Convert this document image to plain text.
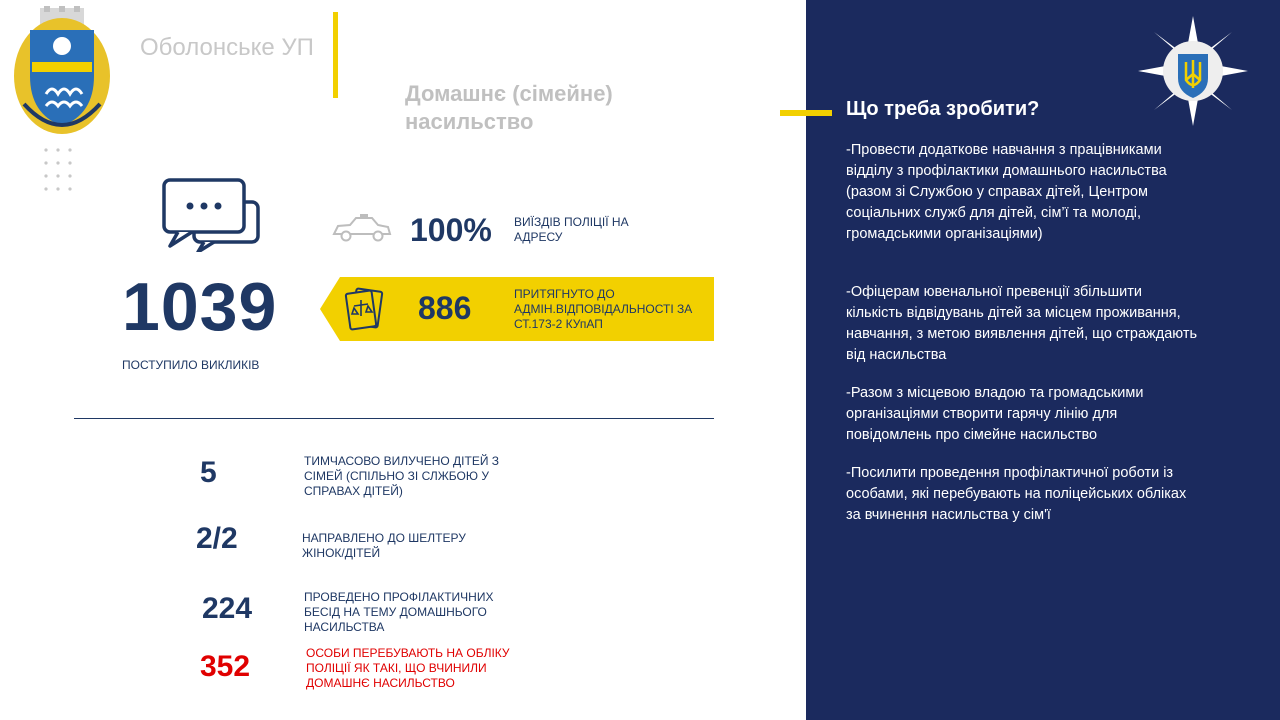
Оболонське УП
Домашнє (сімейне) насильство
1039
ПОСТУПИЛО ВИКЛИКІВ
100% ВИЇЗДІВ ПОЛІЦІЇ НА АДРЕСУ
886	ПРИТЯГНУТО ДО АДМІН.ВІДПОВІДАЛЬНОСТІ ЗА СТ.173-2 КУпАП
5	ТИМЧАСОВО ВИЛУЧЕНО ДІТЕЙ З СІМЕЙ (СПІЛЬНО ЗІ СЛЖБОЮ У СПРАВАХ ДІТЕЙ)
2/2	НАПРАВЛЕНО ДО ШЕЛТЕРУ ЖІНОК/ДІТЕЙ
224	ПРОВЕДЕНО ПРОФІЛАКТИЧНИХ БЕСІД НА ТЕМУ ДОМАШНЬОГО НАСИЛЬСТВА
352	ОСОБИ ПЕРЕБУВАЮТЬ НА ОБЛІКУ ПОЛІЦІЇ ЯК ТАКІ, ЩО ВЧИНИЛИ ДОМАШНЄ НАСИЛЬСТВО
Що треба зробити?
-Провести додаткове навчання з працівниками відділу з профілактики домашнього насильства (разом зі Службою у справах дітей, Центром соціальних служб для дітей, сім’ї та молоді, громадськими організаціями)
-Офіцерам ювенальної превенції збільшити кількість відвідувань дітей за місцем проживання, навчання, з метою виявлення дітей, що страждають від насильства
-Разом з місцевою владою та громадськими організаціями створити гарячу лінію для повідомлень про сімейне насильство
-Посилити проведення профілактичної роботи із особами, які перебувають на поліцейських обліках за вчинення насильства у сім'ї
